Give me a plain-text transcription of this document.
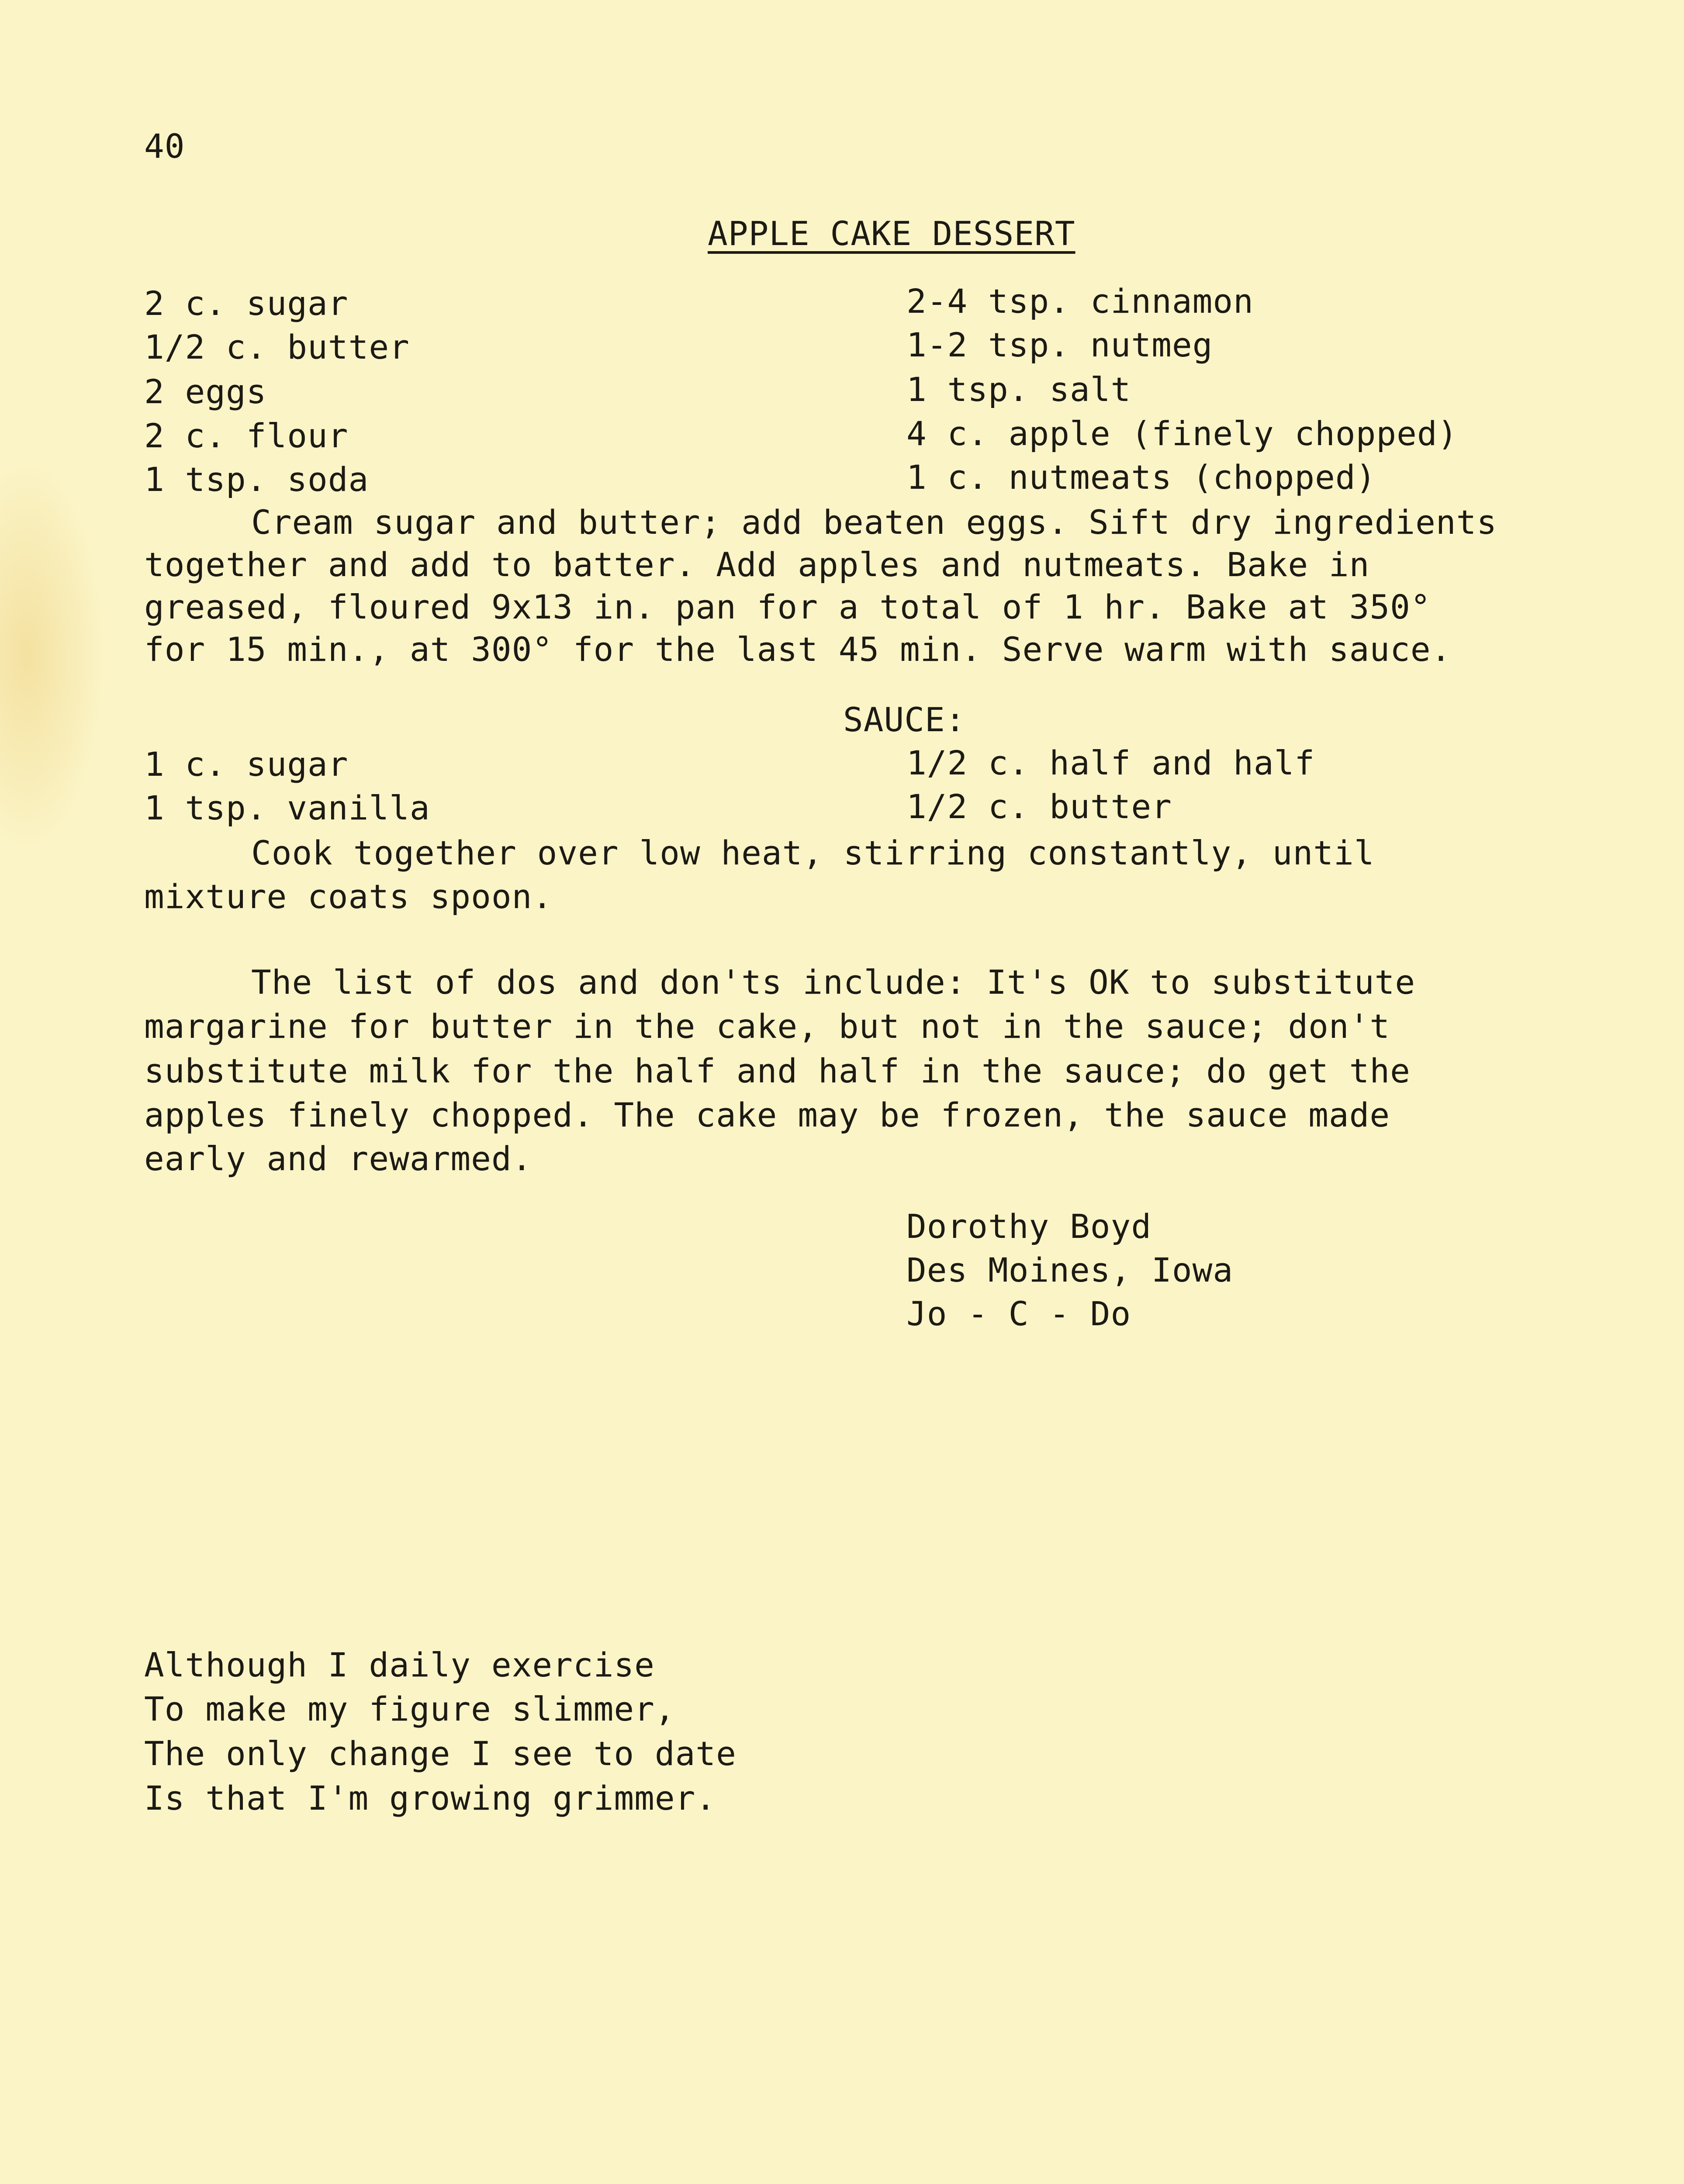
40
APPLE CAKE DESSERT
2 c. sugar
1/2 c. butter
2 eggs
2 c. flour
1 tsp. soda
2-4 tsp. cinnamon
1-2 tsp. nutmeg
1 tsp. salt
4 c. apple (finely chopped)
1 c. nutmeats (chopped)
Cream sugar and butter; add beaten eggs. Sift dry ingredients
together and add to batter. Add apples and nutmeats. Bake in
greased, floured 9x13 in. pan for a total of 1 hr. Bake at 350°
for 15 min., at 300° for the last 45 min. Serve warm with sauce.
SAUCE:
1 c. sugar
1 tsp. vanilla
1/2 c. half and half
1/2 c. butter
Cook together over low heat, stirring constantly, until
mixture coats spoon.
The list of dos and don'ts include: It's OK to substitute
margarine for butter in the cake, but not in the sauce; don't
substitute milk for the half and half in the sauce; do get the
apples finely chopped. The cake may be frozen, the sauce made
early and rewarmed.
Dorothy Boyd
Des Moines, Iowa
Jo - C - Do
Although I daily exercise
To make my figure slimmer,
The only change I see to date
Is that I'm growing grimmer.
